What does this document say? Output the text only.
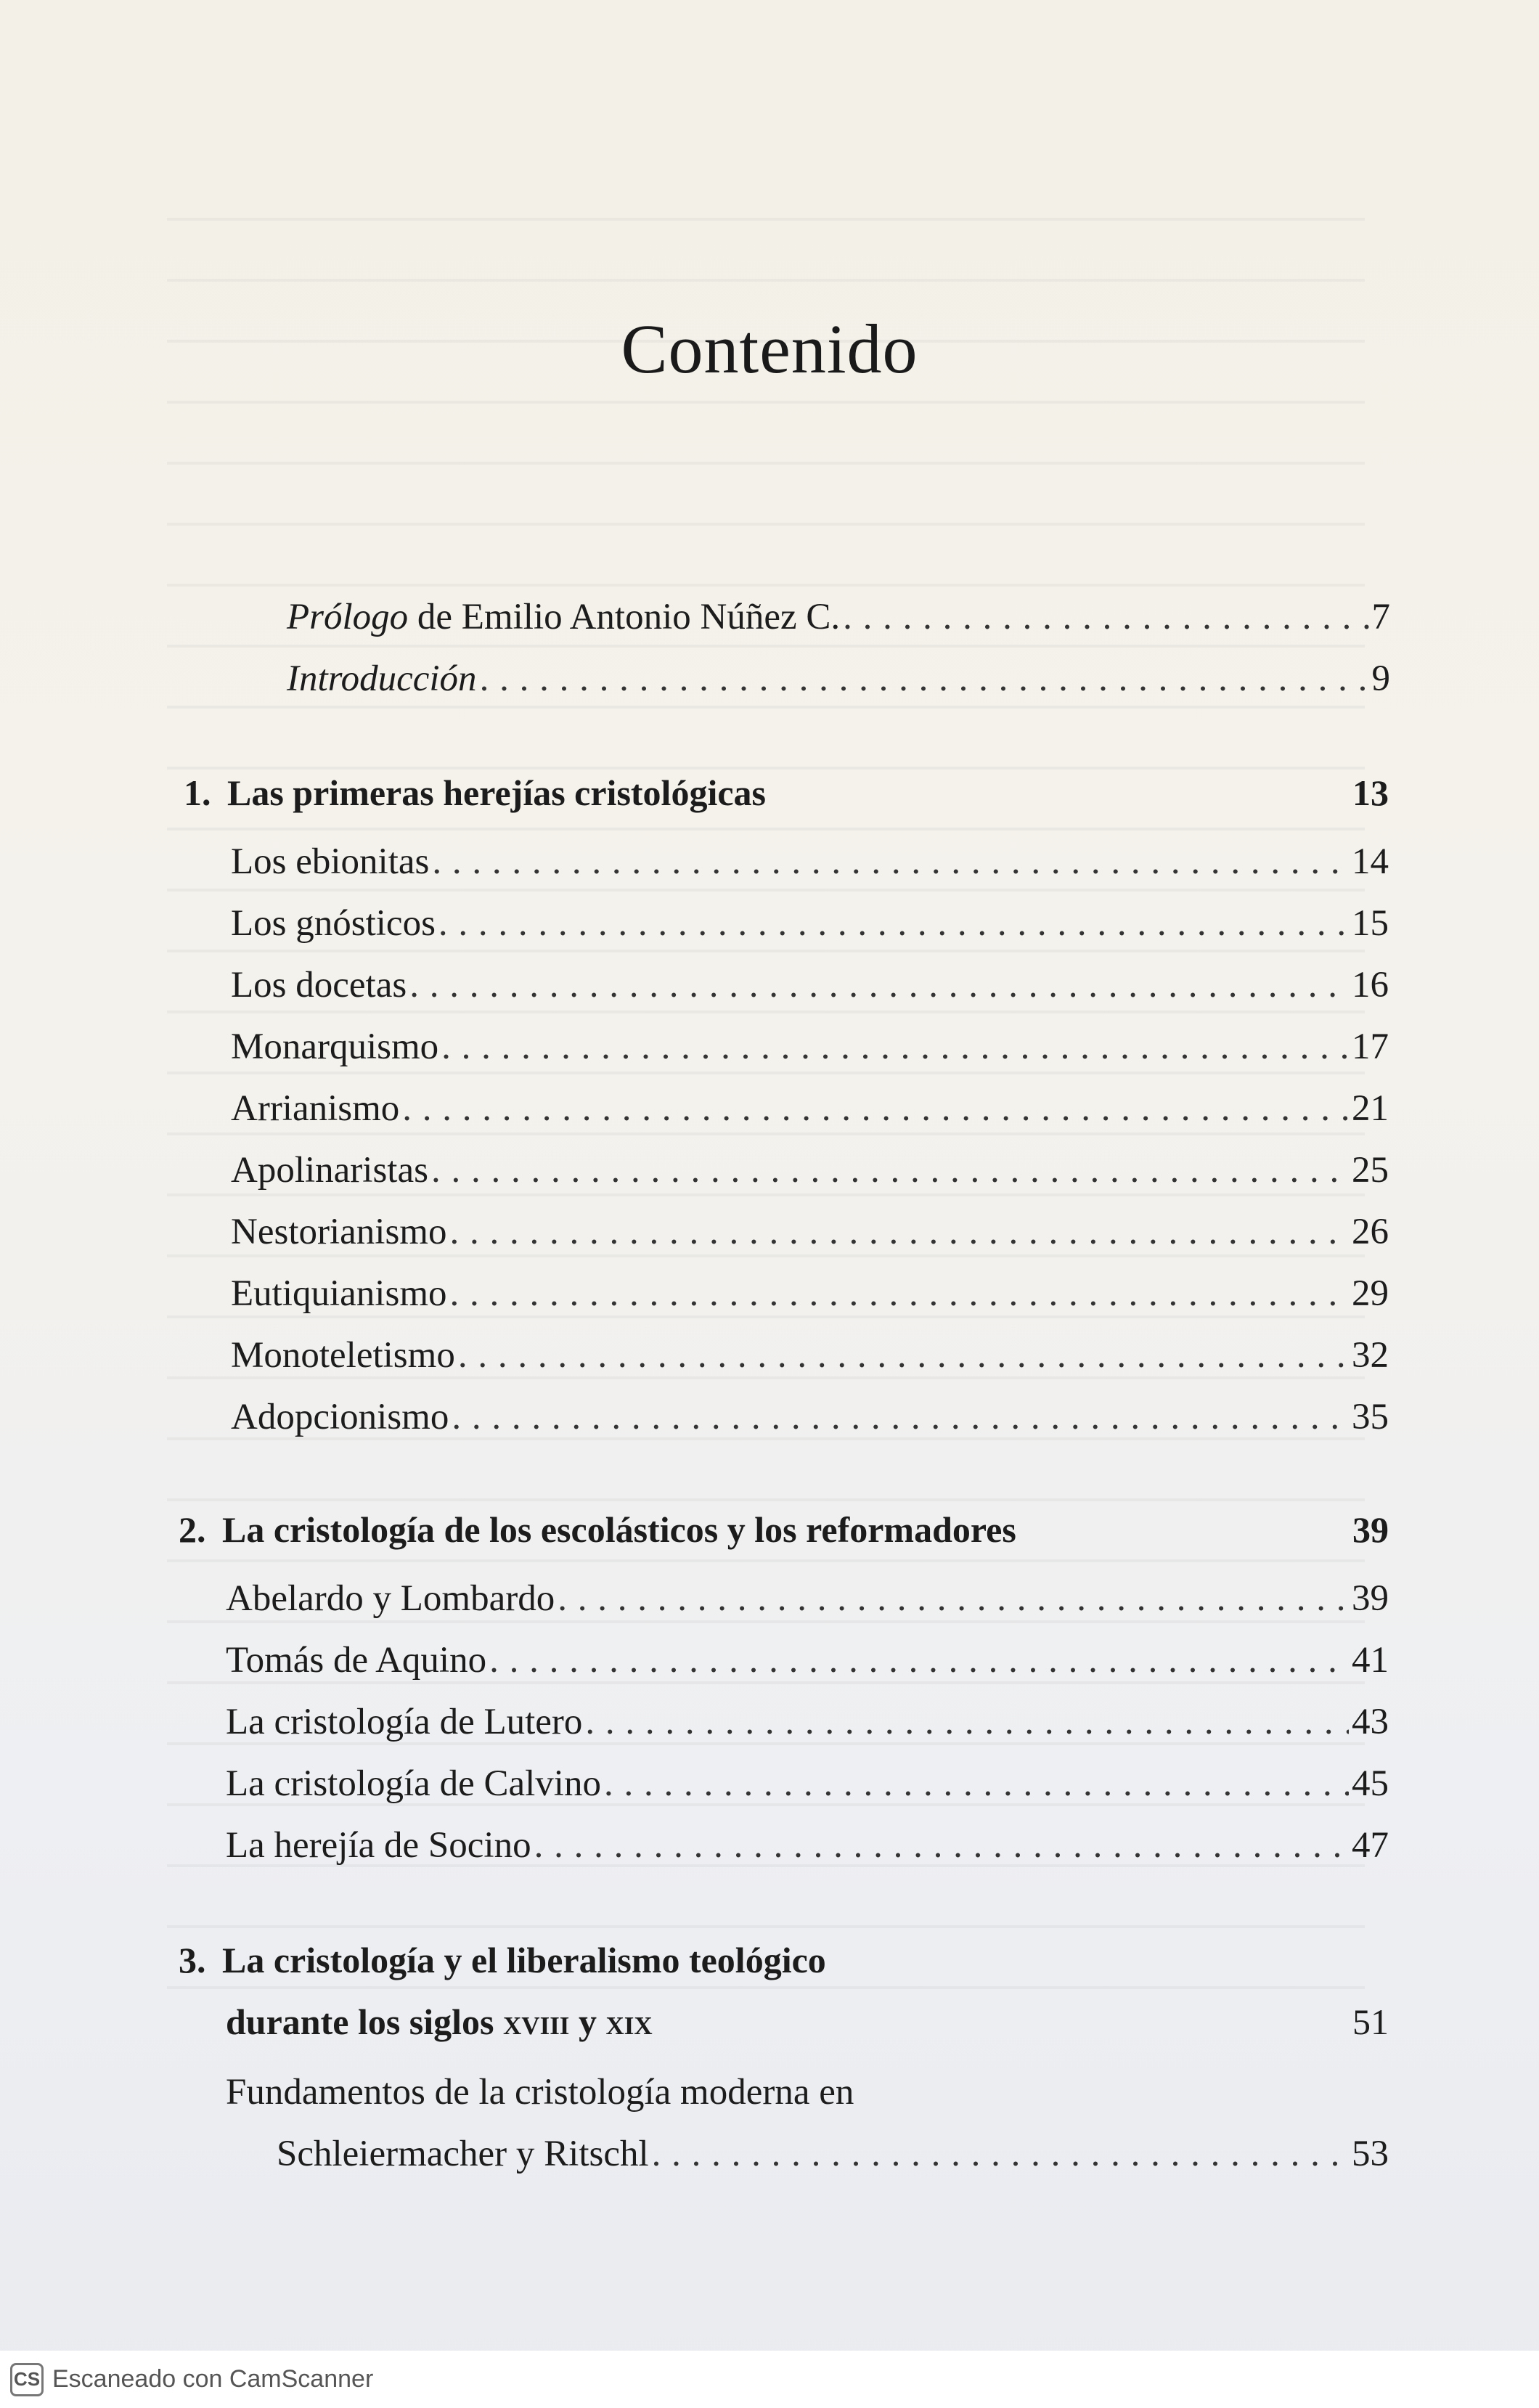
Contenido
Prólogo de Emilio Antonio Núñez C. . . .	7
Introducción . . .	9
1. Las primeras herejías cristológicas	13
Los ebionitas . . .	14
Los gnósticos . . .	15
Los docetas . . .	16
Monarquismo . . .	17
Arrianismo . . .	21
Apolinaristas . . .	25
Nestorianismo . . .	26
Eutiquianismo . . .	29
Monoteletismo . . .	32
Adopcionismo . . .	35
2. La cristología de los escolásticos y los reformadores	39
Abelardo y Lombardo . . .	39
Tomás de Aquino . . .	41
La cristología de Lutero . . .	43
La cristología de Calvino . . .	45
La herejía de Socino . . .	47
3. La cristología y el liberalismo teológico
durante los siglos xviii y xix	51
Fundamentos de la cristología moderna en
Schleiermacher y Ritschl . . .	53
CS Escaneado con CamScanner
